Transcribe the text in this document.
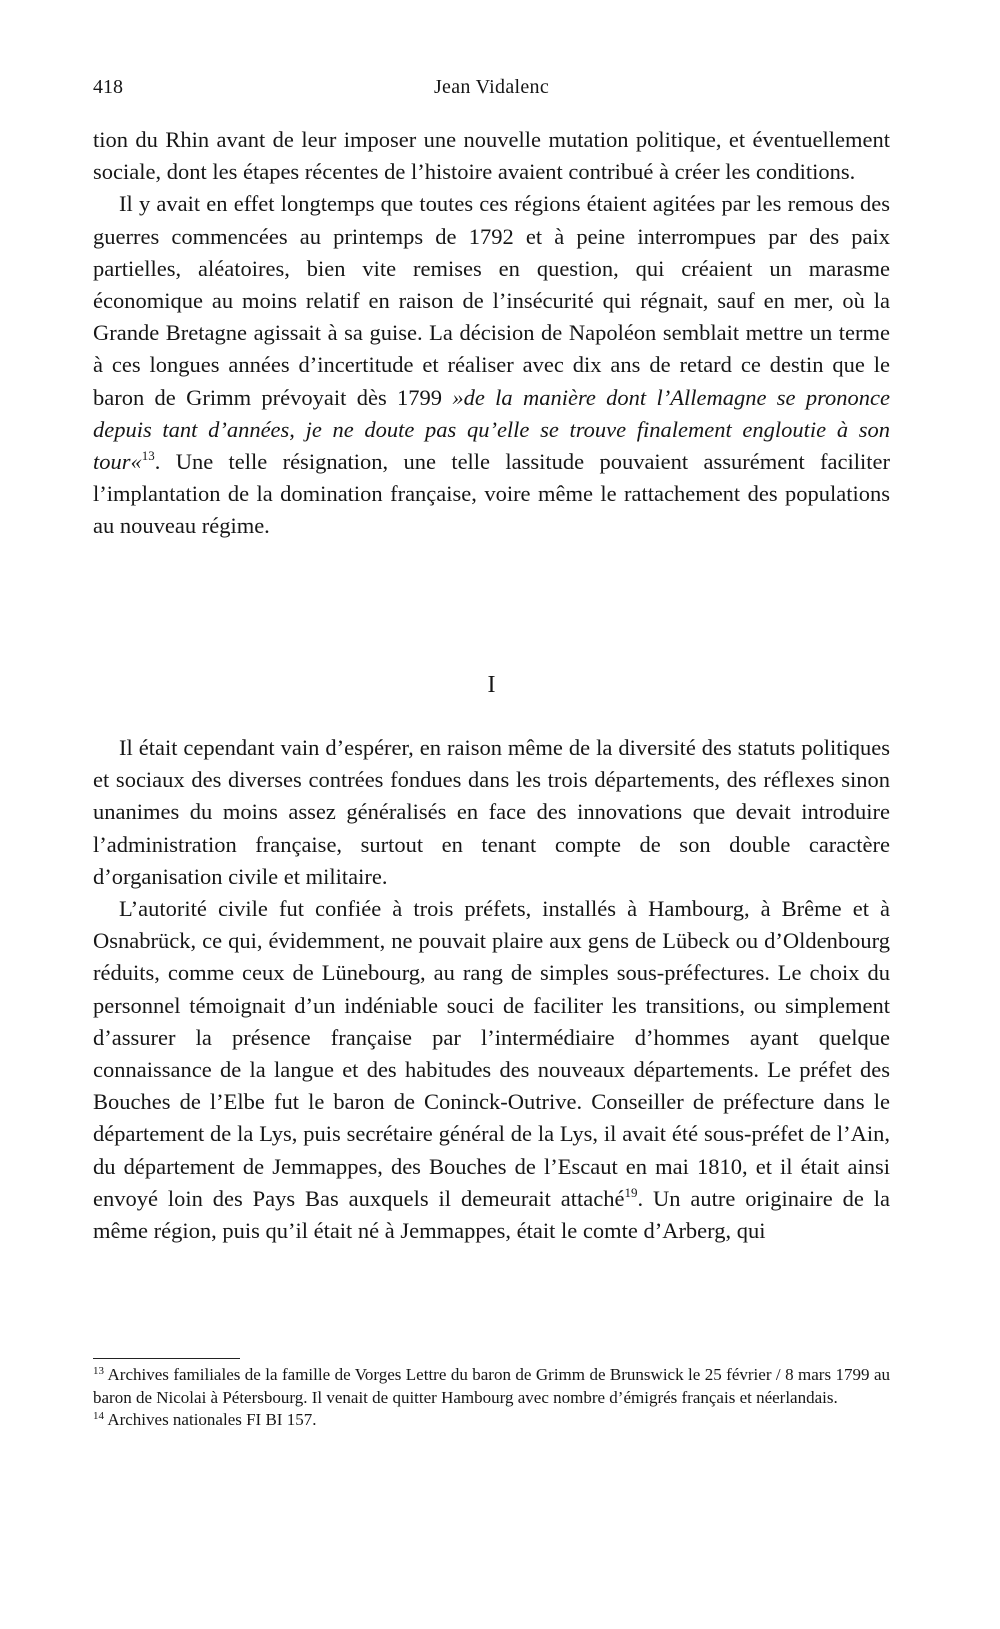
418	Jean Vidalenc

tion du Rhin avant de leur imposer une nouvelle mutation politique, et éventuellement sociale, dont les étapes récentes de l’histoire avaient contribué à créer les conditions.

Il y avait en effet longtemps que toutes ces régions étaient agitées par les remous des guerres commencées au printemps de 1792 et à peine interrompues par des paix partielles, aléatoires, bien vite remises en question, qui créaient un marasme économique au moins relatif en raison de l’insécurité qui régnait, sauf en mer, où la Grande Bretagne agissait à sa guise. La décision de Napoléon semblait mettre un terme à ces longues années d’incertitude et réaliser avec dix ans de retard ce destin que le baron de Grimm prévoyait dès 1799 »de la manière dont l’Allemagne se prononce depuis tant d’années, je ne doute pas qu’elle se trouve finalement engloutie à son tour«$^{13}$. Une telle résignation, une telle lassitude pouvaient assurément faciliter l’implantation de la domination française, voire même le rattachement des populations au nouveau régime.

I

Il était cependant vain d’espérer, en raison même de la diversité des statuts politiques et sociaux des diverses contrées fondues dans les trois départements, des réflexes sinon unanimes du moins assez généralisés en face des innovations que devait introduire l’administration française, surtout en tenant compte de son double caractère d’organisation civile et militaire.

L’autorité civile fut confiée à trois préfets, installés à Hambourg, à Brême et à Osnabrück, ce qui, évidemment, ne pouvait plaire aux gens de Lübeck ou d’Oldenbourg réduits, comme ceux de Lünebourg, au rang de simples sous-préfectures. Le choix du personnel témoignait d’un indéniable souci de faciliter les transitions, ou simplement d’assurer la présence française par l’intermédiaire d’hommes ayant quelque connaissance de la langue et des habitudes des nouveaux départements. Le préfet des Bouches de l’Elbe fut le baron de Coninck-Outrive. Conseiller de préfecture dans le département de la Lys, puis secrétaire général de la Lys, il avait été sous-préfet de l’Ain, du département de Jemmappes, des Bouches de l’Escaut en mai 1810, et il était ainsi envoyé loin des Pays Bas auxquels il demeurait attaché$^{19}$. Un autre originaire de la même région, puis qu’il était né à Jemmappes, était le comte d’Arberg, qui

$^{13}$ Archives familiales de la famille de Vorges Lettre du baron de Grimm de Brunswick le 25 février / 8 mars 1799 au baron de Nicolai à Pétersbourg. Il venait de quitter Hambourg avec nombre d’émigrés français et néerlandais.

$^{14}$ Archives nationales FI BI 157.
